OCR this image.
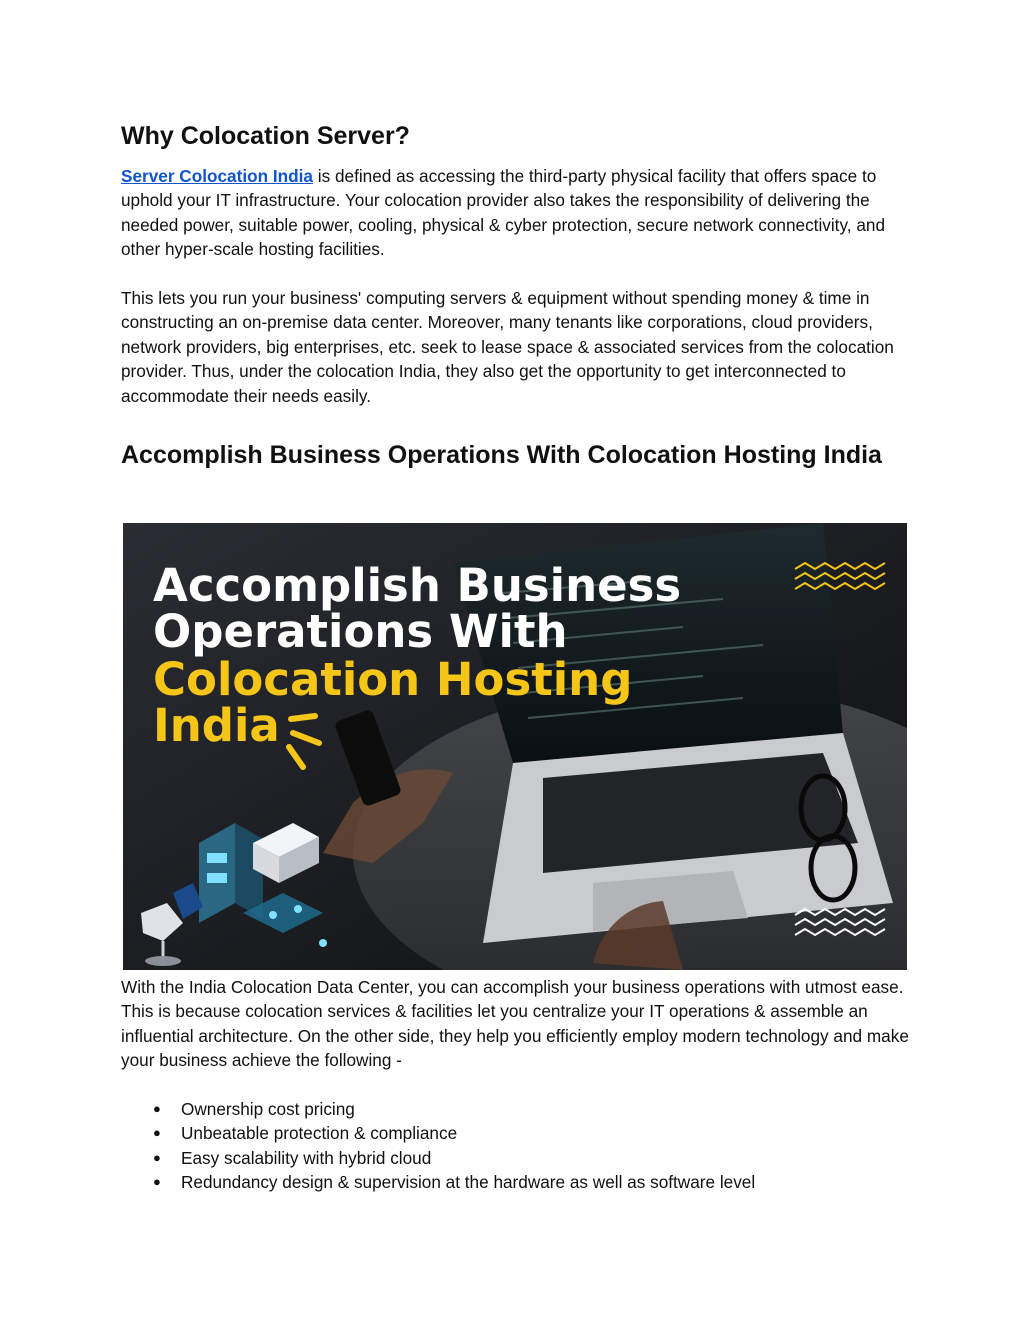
Why Colocation Server?

Server Colocation India is defined as accessing the third-party physical facility that offers space to uphold your IT infrastructure. Your colocation provider also takes the responsibility of delivering the needed power, suitable power, cooling, physical & cyber protection, secure network connectivity, and other hyper-scale hosting facilities.

This lets you run your business' computing servers & equipment without spending money & time in constructing an on-premise data center. Moreover, many tenants like corporations, cloud providers, network providers, big enterprises, etc. seek to lease space & associated services from the colocation provider. Thus, under the colocation India, they also get the opportunity to get interconnected to accommodate their needs easily.

Accomplish Business Operations With Colocation Hosting India
Accomplish Business
Operations With
Colocation Hosting
India

With the India Colocation Data Center, you can accomplish your business operations with utmost ease. This is because colocation services & facilities let you centralize your IT operations & assemble an influential architecture. On the other side, they help you efficiently employ modern technology and make your business achieve the following -

● Ownership cost pricing
● Unbeatable protection & compliance
● Easy scalability with hybrid cloud
● Redundancy design & supervision at the hardware as well as software level
